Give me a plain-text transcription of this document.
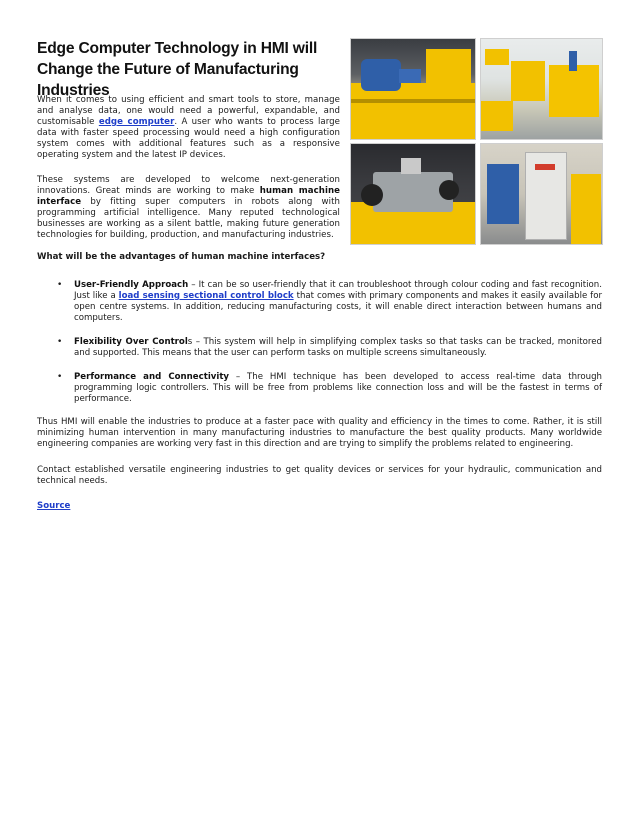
Edge Computer Technology in HMI will Change the Future of Manufacturing Industries

When it comes to using efficient and smart tools to store, manage and analyse data, one would need a powerful, expandable, and customisable edge computer. A user who wants to process large data with faster speed processing would need a high configuration system comes with additional features such as a responsive operating system and the latest IP devices.

These systems are developed to welcome next-generation innovations. Great minds are working to make human machine interface by fitting super computers in robots along with programming artificial intelligence. Many reputed technological businesses are working as a silent battle, making future generation technologies for building, production, and manufacturing industries.

What will be the advantages of human machine interfaces?

• User-Friendly Approach – It can be so user-friendly that it can troubleshoot through colour coding and fast recognition. Just like a load sensing sectional control block that comes with primary components and makes it easily available for open centre systems. In addition, reducing manufacturing costs, it will enable direct interaction between humans and computers.

• Flexibility Over Controls – This system will help in simplifying complex tasks so that tasks can be tracked, monitored and supported. This means that the user can perform tasks on multiple screens simultaneously.

• Performance and Connectivity – The HMI technique has been developed to access real-time data through programming logic controllers. This will be free from problems like connection loss and will be the fastest in terms of performance.

Thus HMI will enable the industries to produce at a faster pace with quality and efficiency in the times to come. Rather, it is still minimizing human intervention in many manufacturing industries to manufacture the best quality products. Many worldwide engineering companies are working very fast in this direction and are trying to simplify the problems related to engineering.

Contact established versatile engineering industries to get quality devices or services for your hydraulic, communication and technical needs.

Source
